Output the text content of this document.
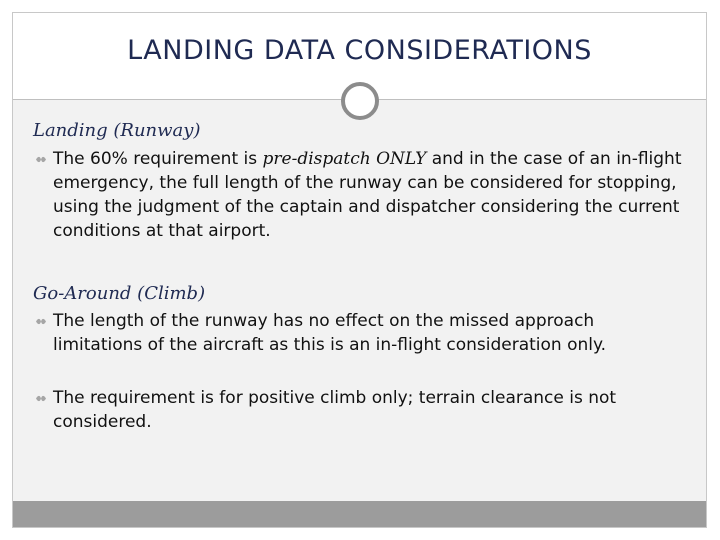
LANDING DATA CONSIDERATIONS
Landing (Runway)
The 60% requirement is pre-dispatch ONLY and in the case of an in-flight emergency, the full length of the runway can be considered for stopping, using the judgment of the captain and dispatcher considering the current conditions at that airport.
Go-Around (Climb)
The length of the runway has no effect on the missed approach limitations of the aircraft as this is an in-flight consideration only.
The requirement is for positive climb only; terrain clearance is not considered.
